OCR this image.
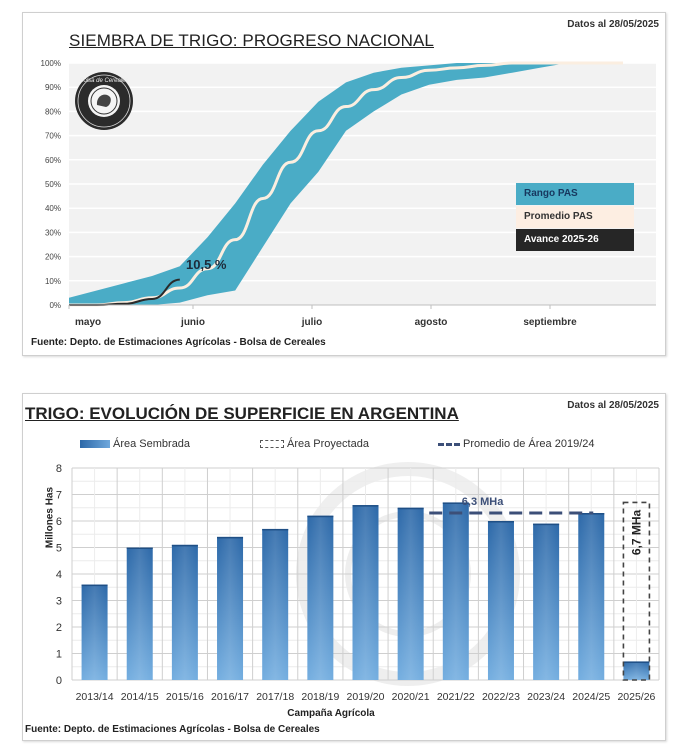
Datos al 28/05/2025
SIEMBRA DE TRIGO: PROGRESO NACIONAL
0%
10%
20%
30%
40%
50%
60%
70%
80%
90%
100%
mayo	junio	julio	agosto	septiembre
Bolsa de Cereales
10,5 %
Rango PAS
Promedio PAS
Avance 2025-26
Fuente: Depto. de Estimaciones Agrícolas - Bolsa de Cereales
Datos al 28/05/2025
TRIGO: EVOLUCIÓN DE SUPERFICIE EN ARGENTINA
Área Sembrada	Área Proyectada	Promedio de Área 2019/24
0
1
2
3
4
5
6
7
8
2013/14 2014/15 2015/16 2016/17 2017/18 2018/19 2019/20 2020/21 2021/22 2022/23 2023/24 2024/25 2025/26
6,3 MHa
6,7 MHa
Campaña Agrícola
Millones Has
Fuente: Depto. de Estimaciones Agrícolas - Bolsa de Cereales
